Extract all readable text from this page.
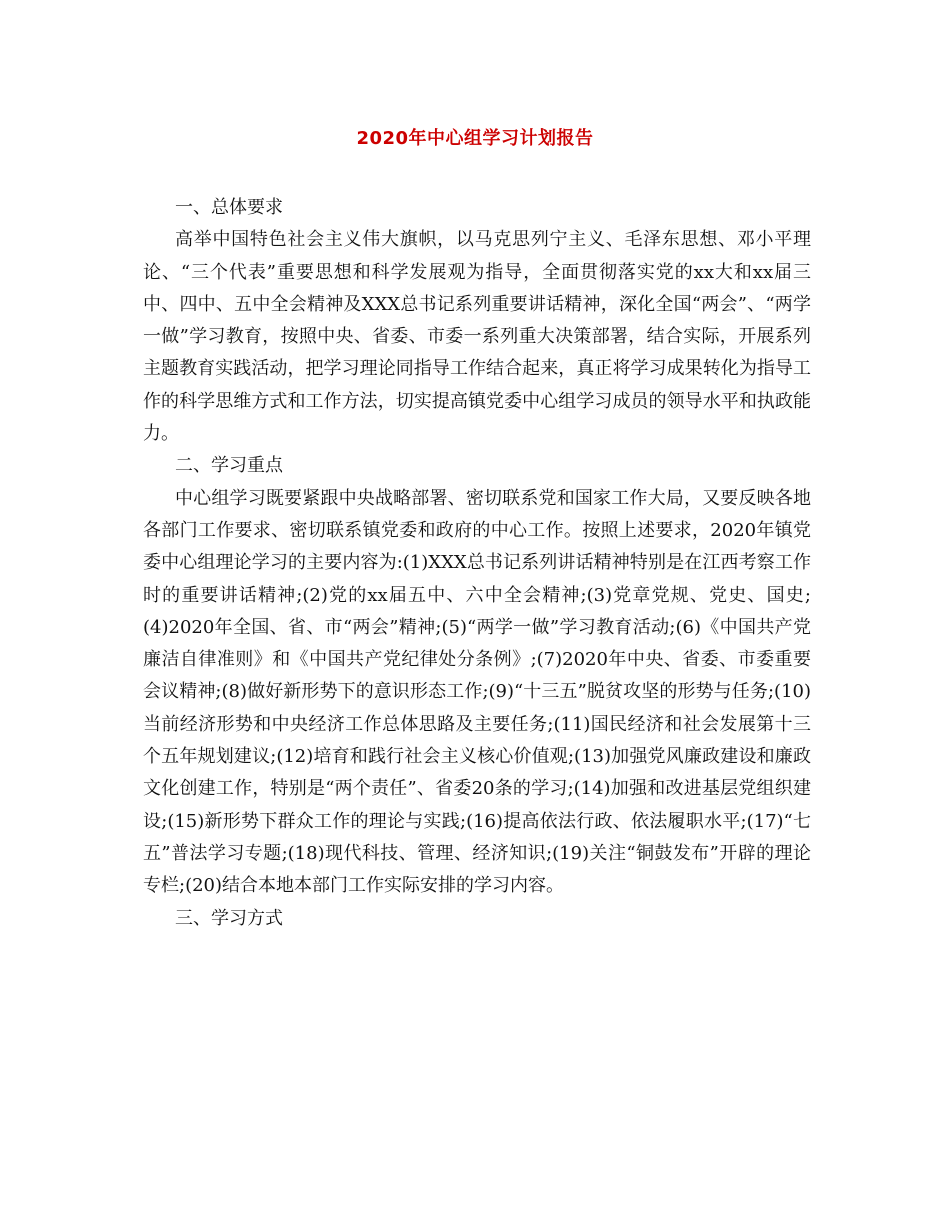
2020年中心组学习计划报告

一、总体要求

高举中国特色社会主义伟大旗帜，以马克思列宁主义、毛泽东思想、邓小平理论、“三个代表”重要思想和科学发展观为指导，全面贯彻落实党的xx大和xx届三中、四中、五中全会精神及XXX总书记系列重要讲话精神，深化全国“两会”、“两学一做”学习教育，按照中央、省委、市委一系列重大决策部署，结合实际，开展系列主题教育实践活动，把学习理论同指导工作结合起来，真正将学习成果转化为指导工作的科学思维方式和工作方法，切实提高镇党委中心组学习成员的领导水平和执政能力。

二、学习重点

中心组学习既要紧跟中央战略部署、密切联系党和国家工作大局，又要反映各地各部门工作要求、密切联系镇党委和政府的中心工作。按照上述要求，2020年镇党委中心组理论学习的主要内容为:(1)XXX总书记系列讲话精神特别是在江西考察工作时的重要讲话精神;(2)党的xx届五中、六中全会精神;(3)党章党规、党史、国史;(4)2020年全国、省、市“两会”精神;(5)“两学一做”学习教育活动;(6)《中国共产党廉洁自律准则》和《中国共产党纪律处分条例》;(7)2020年中央、省委、市委重要会议精神;(8)做好新形势下的意识形态工作;(9)“十三五”脱贫攻坚的形势与任务;(10)当前经济形势和中央经济工作总体思路及主要任务;(11)国民经济和社会发展第十三个五年规划建议;(12)培育和践行社会主义核心价值观;(13)加强党风廉政建设和廉政文化创建工作，特别是“两个责任”、省委20条的学习;(14)加强和改进基层党组织建设;(15)新形势下群众工作的理论与实践;(16)提高依法行政、依法履职水平;(17)“七五”普法学习专题;(18)现代科技、管理、经济知识;(19)关注“铜鼓发布”开辟的理论专栏;(20)结合本地本部门工作实际安排的学习内容。

三、学习方式
